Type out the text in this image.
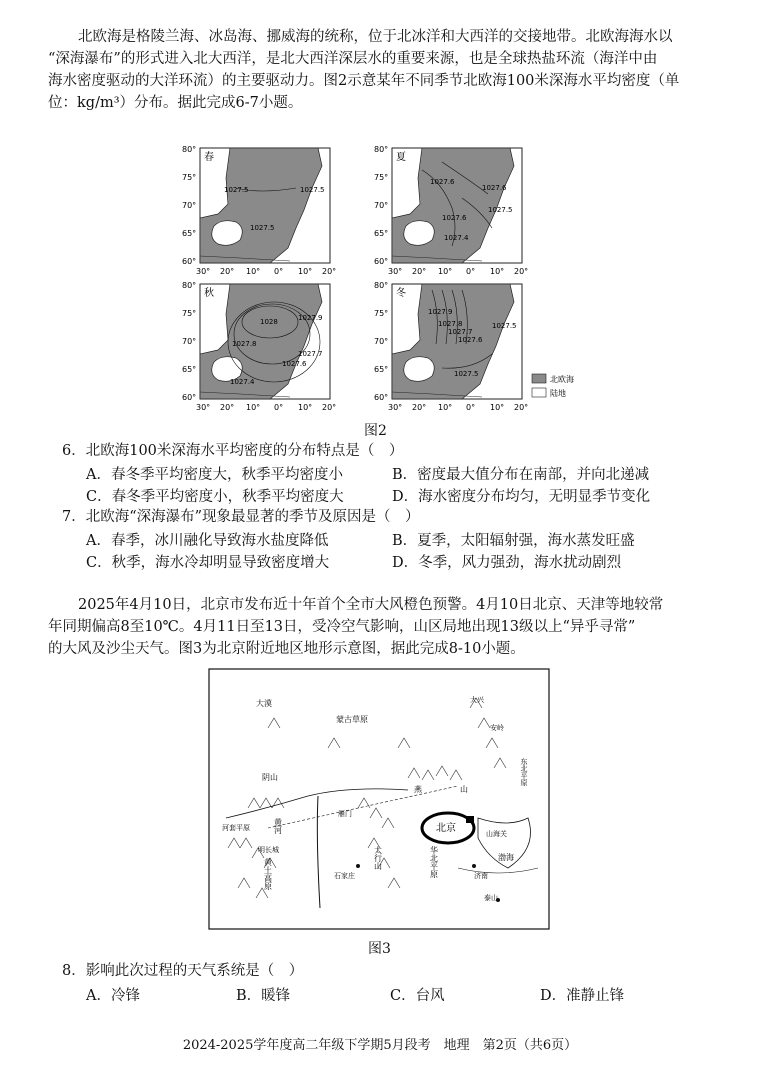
北欧海是格陵兰海、冰岛海、挪威海的统称，位于北冰洋和大西洋的交接地带。北欧海海水以
“深海瀑布”的形式进入北大西洋，是北大西洋深层水的重要来源，也是全球热盐环流（海洋中由
海水密度驱动的大洋环流）的主要驱动力。图2示意某年不同季节北欧海100米深海水平均密度（单
位：kg/m³）分布。据此完成6-7小题。
春
1027.5	1027.5
1027.5
80°
75°
70°
65°
60°
30° 20° 10° 0° 10° 20°
夏
1027.6
1027.6
1027.5
1027.6
1027.4
80°
75°
70°
65°
60°
30° 20° 10° 0° 10° 20°
秋
1028	1027.9
1027.8
1027.7
1027.6
1027.4
80°
75°
70°
65°
60°
30° 20° 10° 0° 10° 20°
冬
1027.9
1027.8
1027.7
1027.6
1027.5
1027.5
80°
75°
70°
65°
60°
30° 20° 10° 0° 10° 20°
北欧海
陆地
图2
6．北欧海100米深海水平均密度的分布特点是（　）
A．春冬季平均密度大，秋季平均密度小	B．密度最大值分布在南部，并向北递减
C．春冬季平均密度小，秋季平均密度大	D．海水密度分布均匀，无明显季节变化
7．北欧海“深海瀑布”现象最显著的季节及原因是（　）
A．春季，冰川融化导致海水盐度降低	B．夏季，太阳辐射强，海水蒸发旺盛
C．秋季，海水冷却明显导致密度增大	D．冬季，风力强劲，海水扰动剧烈
2025年4月10日，北京市发布近十年首个全市大风橙色预警。4月10日北京、天津等地较常
年同期偏高8至10℃。4月11日至13日，受冷空气影响，山区局地出现13级以上“异乎寻常”
的大风及沙尘天气。图3为北京附近地区地形示意图，据此完成8-10小题。
大漠
蒙古草原
大兴
安岭
东北平原
阴山
河套平原
燕	山
雁门
北京	山海关
渤海
明长城
黄河
黄土高原	太行山	华北平原
石家庄	济南
泰山
图3
8．影响此次过程的天气系统是（　）
A．冷锋	B．暖锋	C．台风	D．准静止锋
2024-2025学年度高二年级下学期5月段考　地理　第2页（共6页）
